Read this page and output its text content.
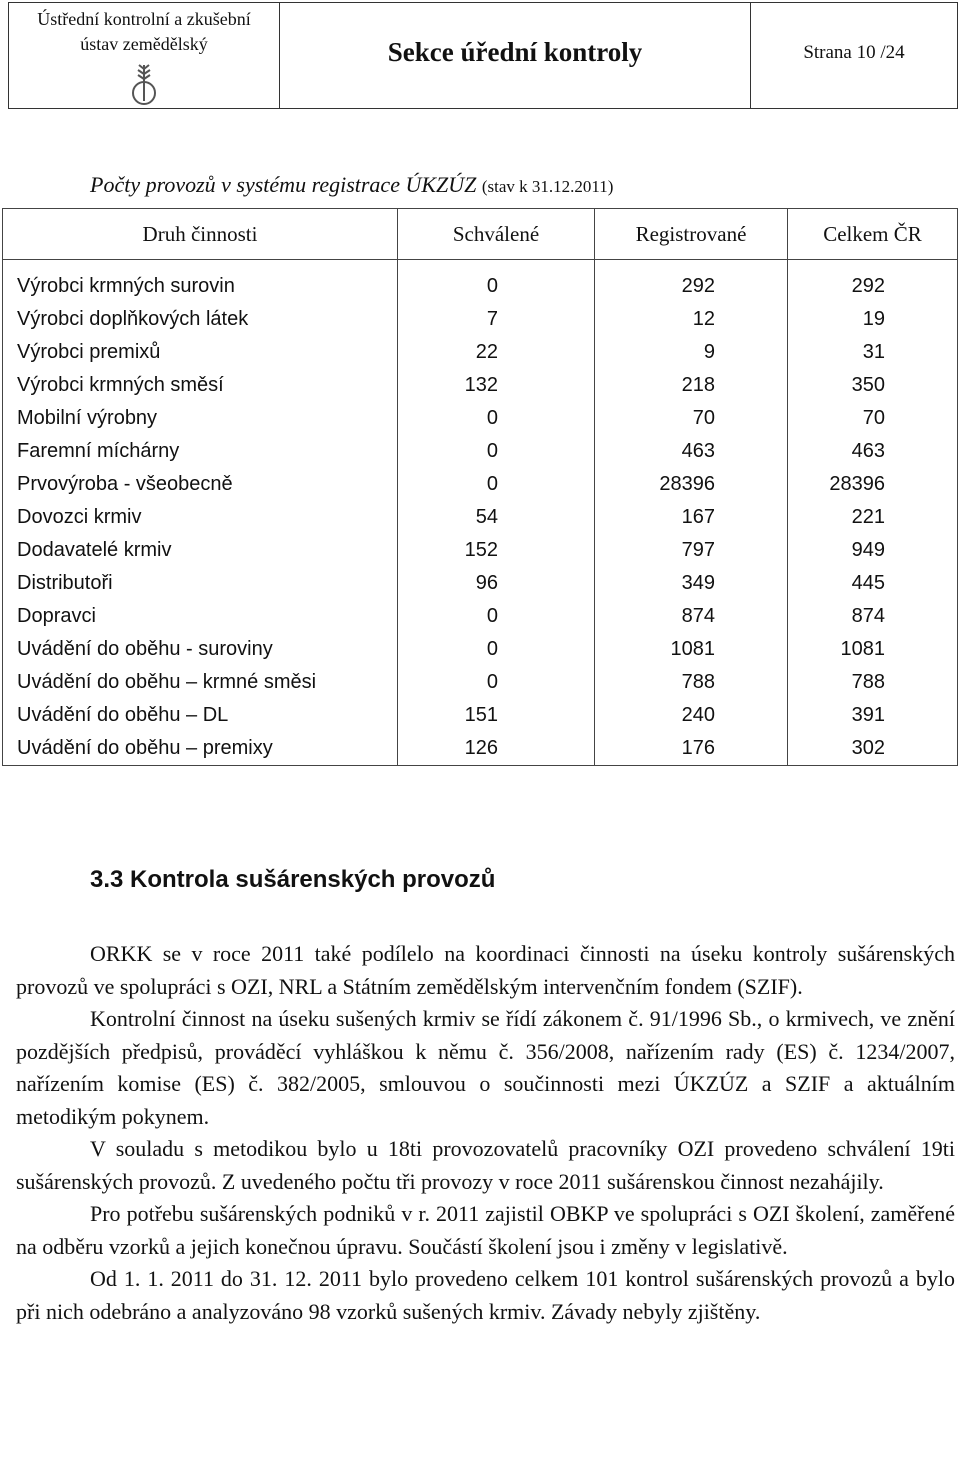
Ústřední kontrolní a zkušební
ústav zemědělský	Sekce úřední kontroly	Strana 10 /24
Počty provozů v systému registrace ÚKZÚZ (stav k 31.12.2011)
Druh činnosti	Schválené	Registrované	Celkem ČR
Výrobci krmných surovin	0	292	292
Výrobci doplňkových látek	7	12	19
Výrobci premixů	22	9	31
Výrobci krmných směsí	132	218	350
Mobilní výrobny	0	70	70
Faremní míchárny	0	463	463
Prvovýroba - všeobecně	0	28396	28396
Dovozci krmiv	54	167	221
Dodavatelé krmiv	152	797	949
Distributoři	96	349	445
Dopravci	0	874	874
Uvádění do oběhu - suroviny	0	1081	1081
Uvádění do oběhu – krmné směsi	0	788	788
Uvádění do oběhu – DL	151	240	391
Uvádění do oběhu – premixy	126	176	302
3.3 Kontrola sušárenských provozů

ORKK se v roce 2011 také podílelo na koordinaci činnosti na úseku kontroly sušárenských provozů ve spolupráci s OZI, NRL a Státním zemědělským intervenčním fondem (SZIF).

Kontrolní činnost na úseku sušených krmiv se řídí zákonem č. 91/1996 Sb., o krmivech, ve znění pozdějších předpisů, prováděcí vyhláškou k němu č. 356/2008, nařízením rady (ES) č. 1234/2007, nařízením komise (ES) č. 382/2005, smlouvou o součinnosti mezi ÚKZÚZ a SZIF a aktuálním metodikým pokynem.

V souladu s metodikou bylo u 18ti provozovatelů pracovníky OZI provedeno schválení 19ti sušárenských provozů. Z uvedeného počtu tři provozy v roce 2011 sušárenskou činnost nezahájily.

Pro potřebu sušárenských podniků v r. 2011 zajistil OBKP ve spolupráci s OZI školení, zaměřené na odběru vzorků a jejich konečnou úpravu. Součástí školení jsou i změny v legislativě.

Od 1. 1. 2011 do 31. 12. 2011 bylo provedeno celkem 101 kontrol sušárenských provozů a bylo při nich odebráno a analyzováno 98 vzorků sušených krmiv. Závady nebyly zjištěny.
